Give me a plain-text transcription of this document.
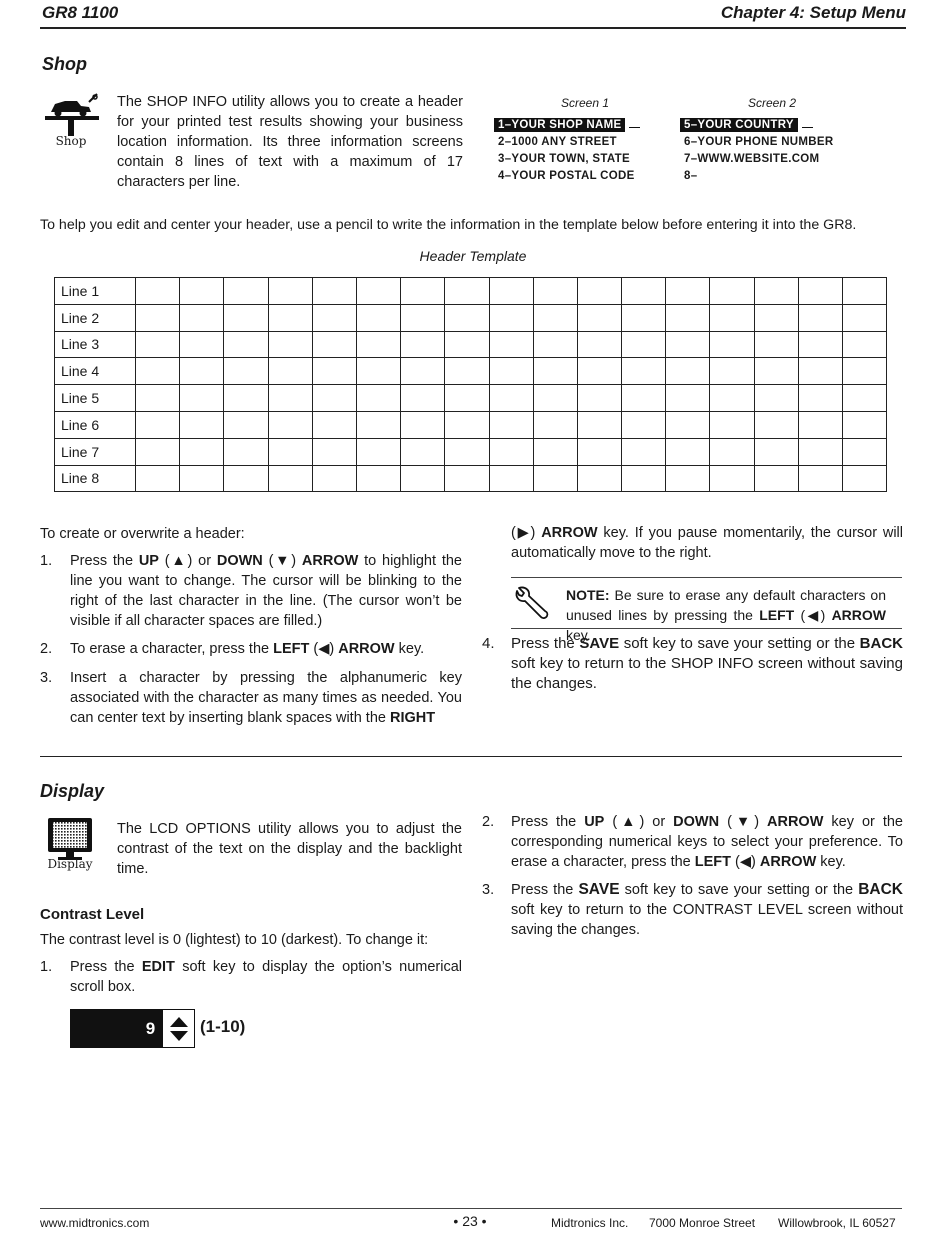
GR8 1100	Chapter 4: Setup Menu
Shop
Shop
The SHOP INFO utility allows you to create a header for your printed test results showing your business location information. Its three information screens contain 8 lines of text with a maximum of 17 characters per line.
Screen 1	Screen 2
1–YOUR SHOP NAME
2–1000 ANY STREET
3–YOUR TOWN, STATE
4–YOUR POSTAL CODE
5–YOUR COUNTRY
6–YOUR PHONE NUMBER
7–WWW.WEBSITE.COM
8–
To help you edit and center your header, use a pencil to write the information in the template below before entering it into the GR8.
Header Template
Line 1																	
Line 2																	
Line 3																	
Line 4																	
Line 5																	
Line 6																	
Line 7																	
Line 8																	
To create or overwrite a header:
1. Press the UP (▲) or DOWN (▼) ARROW to highlight the line you want to change. The cursor will be blinking to the right of the last character in the line. (The cursor won’t be visible if all character spaces are filled.)
2. To erase a character, press the LEFT (◀) ARROW key.
3. Insert a character by pressing the alphanumeric key associated with the character as many times as needed. You can center text by inserting blank spaces with the RIGHT
(▶) ARROW key. If you pause momentarily, the cursor will automatically move to the right.
NOTE: Be sure to erase any default characters on unused lines by pressing the LEFT (◀) ARROW key.
4. Press the SAVE soft key to save your setting or the BACK soft key to return to the SHOP INFO screen without saving the changes.
Display
Display
The LCD OPTIONS utility allows you to adjust the contrast of the text on the display and the backlight time.
Contrast Level
The contrast level is 0 (lightest) to 10 (darkest). To change it:
1. Press the EDIT soft key to display the option’s numerical scroll box.
9	(1-10)
2. Press the UP (▲) or DOWN (▼) ARROW key or the corresponding numerical keys to select your preference. To erase a character, press the LEFT (◀) ARROW key.
3. Press the SAVE soft key to save your setting or the BACK soft key to return to the CONTRAST LEVEL screen without saving the changes.
www.midtronics.com	• 23 •	Midtronics Inc. 7000 Monroe Street Willowbrook, IL 60527
